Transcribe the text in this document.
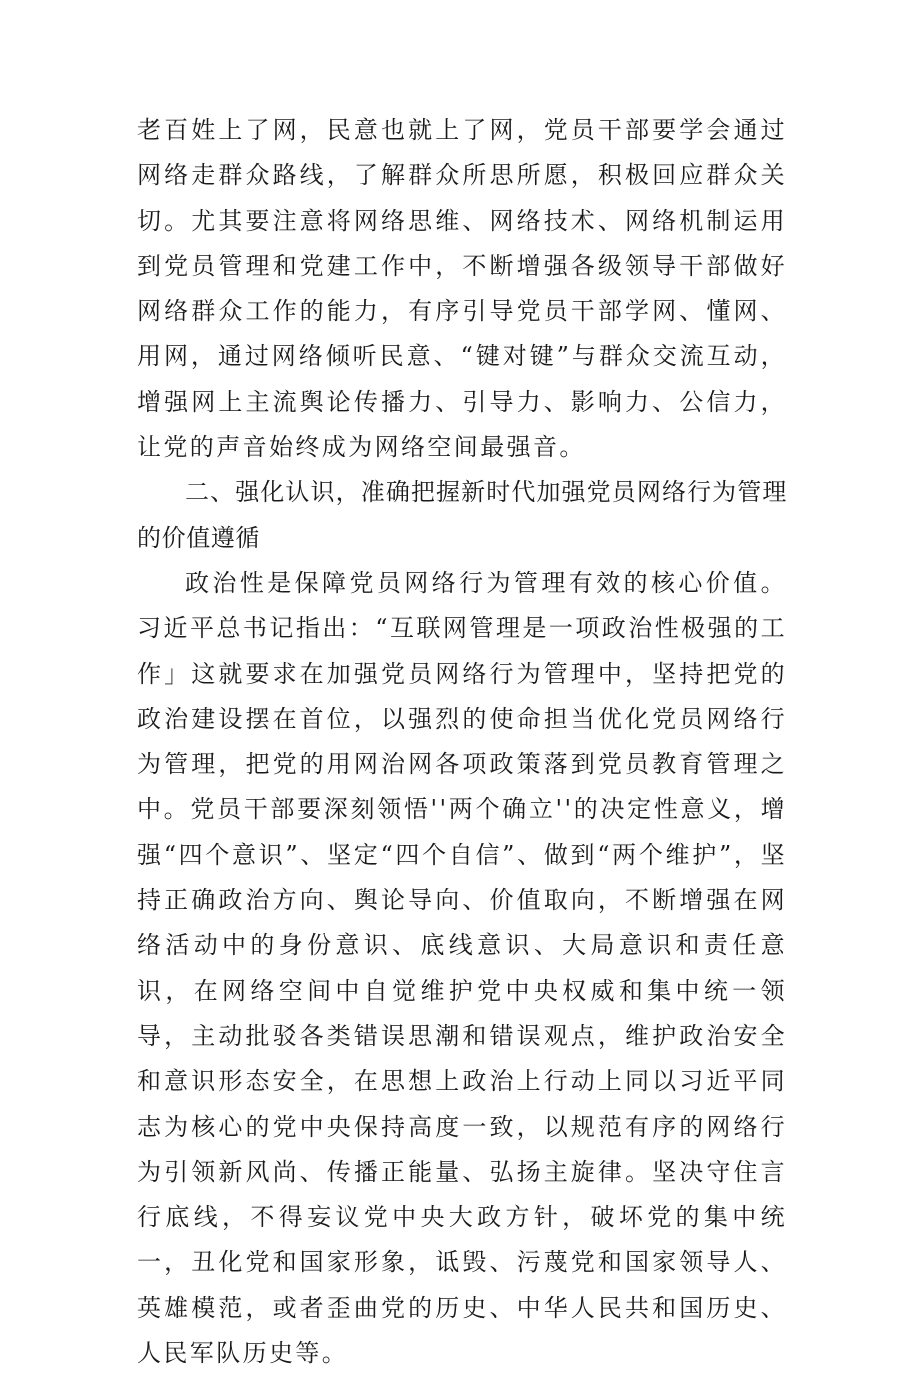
老百姓上了网，民意也就上了网，党员干部要学会通过网络走群众路线，了解群众所思所愿，积极回应群众关切。尤其要注意将网络思维、网络技术、网络机制运用到党员管理和党建工作中，不断增强各级领导干部做好网络群众工作的能力，有序引导党员干部学网、懂网、用网，通过网络倾听民意、“键对键”与群众交流互动，增强网上主流舆论传播力、引导力、影响力、公信力，让党的声音始终成为网络空间最强音。

二、强化认识，准确把握新时代加强党员网络行为管理的价值遵循

政治性是保障党员网络行为管理有效的核心价值。习近平总书记指出：“互联网管理是一项政治性极强的工作」这就要求在加强党员网络行为管理中，坚持把党的政治建设摆在首位，以强烈的使命担当优化党员网络行为管理，把党的用网治网各项政策落到党员教育管理之中。党员干部要深刻领悟''两个确立''的决定性意义，增强“四个意识”、坚定“四个自信”、做到“两个维护”，坚持正确政治方向、舆论导向、价值取向，不断增强在网络活动中的身份意识、底线意识、大局意识和责任意识，在网络空间中自觉维护党中央权威和集中统一领导，主动批驳各类错误思潮和错误观点，维护政治安全和意识形态安全，在思想上政治上行动上同以习近平同志为核心的党中央保持高度一致，以规范有序的网络行为引领新风尚、传播正能量、弘扬主旋律。坚决守住言行底线，不得妄议党中央大政方针，破坏党的集中统一，丑化党和国家形象，诋毁、污蔑党和国家领导人、英雄模范，或者歪曲党的历史、中华人民共和国历史、人民军队历史等。
